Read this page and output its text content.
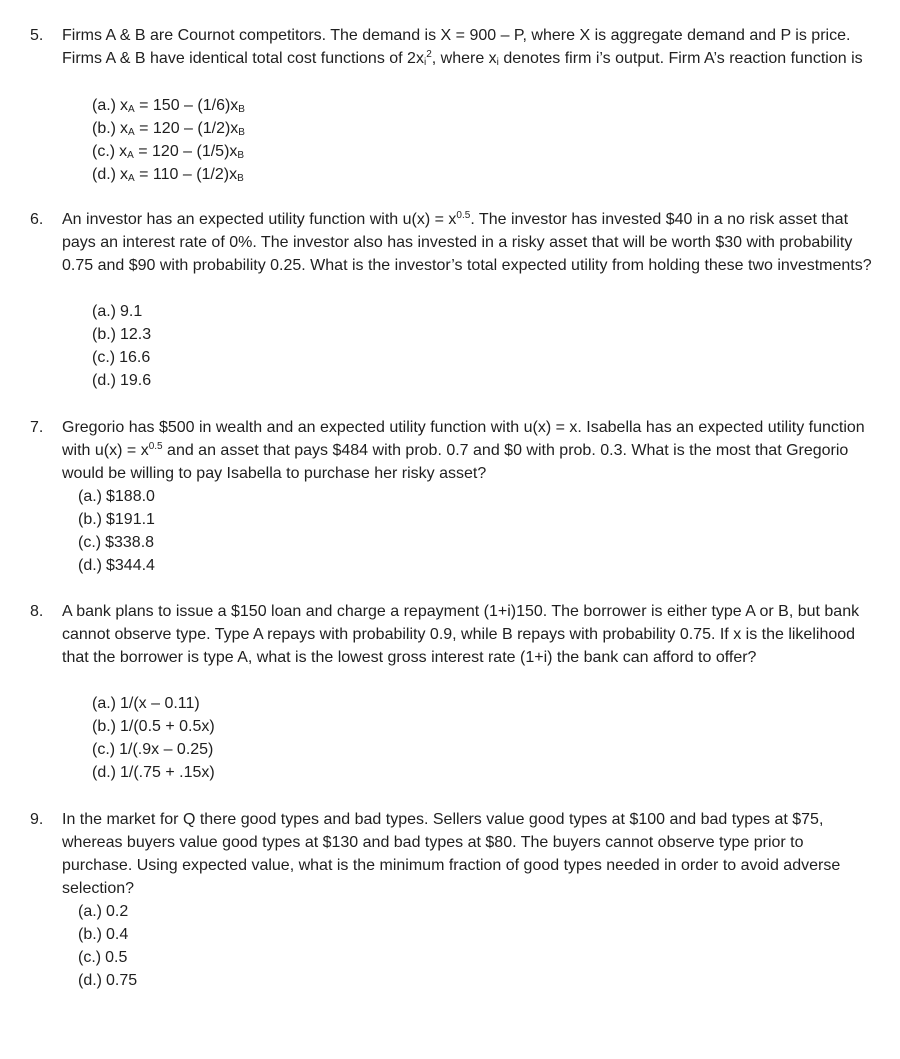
5. Firms A & B are Cournot competitors. The demand is X = 900 – P, where X is aggregate demand and P is price. Firms A & B have identical total cost functions of $2x_i^2$, where $x_i$ denotes firm i’s output. Firm A’s reaction function is
(a.) $x_A = 150 - (1/6)x_B$
(b.) $x_A = 120 - (1/2)x_B$
(c.) $x_A = 120 - (1/5)x_B$
(d.) $x_A = 110 - (1/2)x_B$
6. An investor has an expected utility function with $u(x) = x^{0.5}$. The investor has invested $40 in a no risk asset that pays an interest rate of 0%. The investor also has invested in a risky asset that will be worth $30 with probability 0.75 and $90 with probability 0.25. What is the investor’s total expected utility from holding these two investments?
(a.) 9.1
(b.) 12.3
(c.) 16.6
(d.) 19.6
7. Gregorio has $500 in wealth and an expected utility function with u(x) = x. Isabella has an expected utility function with $u(x) = x^{0.5}$ and an asset that pays $484 with prob. 0.7 and $0 with prob. 0.3. What is the most that Gregorio would be willing to pay Isabella to purchase her risky asset?
(a.) $188.0
(b.) $191.1
(c.) $338.8
(d.) $344.4
8. A bank plans to issue a $150 loan and charge a repayment (1+i)150. The borrower is either type A or B, but bank cannot observe type. Type A repays with probability 0.9, while B repays with probability 0.75. If x is the likelihood that the borrower is type A, what is the lowest gross interest rate (1+i) the bank can afford to offer?
(a.) 1/(x – 0.11)
(b.) 1/(0.5 + 0.5x)
(c.) 1/(.9x – 0.25)
(d.) 1/(.75 + .15x)
9. In the market for Q there good types and bad types. Sellers value good types at $100 and bad types at $75, whereas buyers value good types at $130 and bad types at $80. The buyers cannot observe type prior to purchase. Using expected value, what is the minimum fraction of good types needed in order to avoid adverse selection?
(a.) 0.2
(b.) 0.4
(c.) 0.5
(d.) 0.75
